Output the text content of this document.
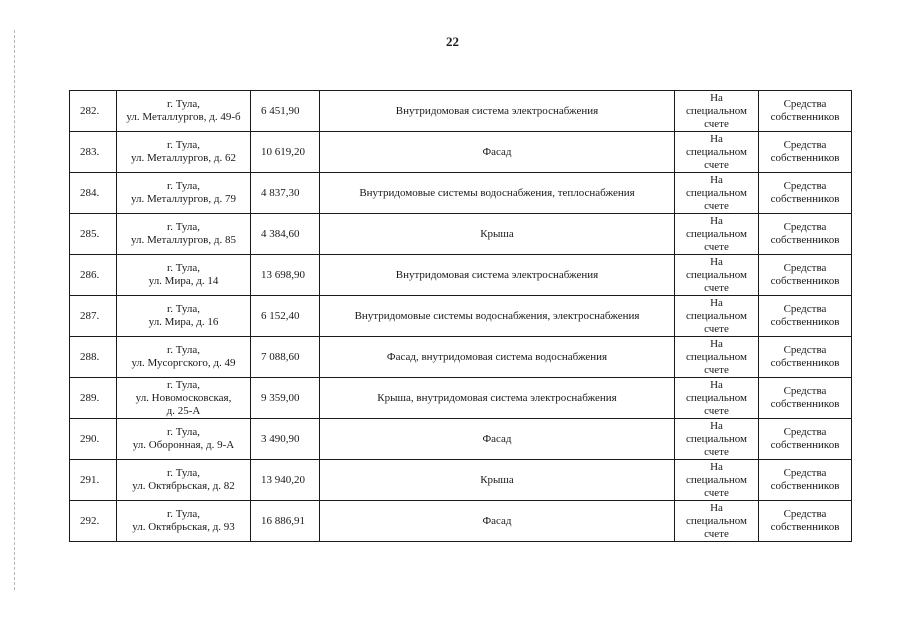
22
282.	г. Тула,
ул. Металлургов, д. 49-б	6 451,90	Внутридомовая система электроснабжения	На
специальном
счете	Средства
собственников

283.	г. Тула,
ул. Металлургов, д. 62	10 619,20	Фасад	На
специальном
счете	Средства
собственников

284.	г. Тула,
ул. Металлургов, д. 79	4 837,30	Внутридомовые системы водоснабжения, теплоснабжения	На
специальном
счете	Средства
собственников

285.	г. Тула,
ул. Металлургов, д. 85	4 384,60	Крыша	На
специальном
счете	Средства
собственников

286.	г. Тула,
ул. Мира, д. 14	13 698,90	Внутридомовая система электроснабжения	На
специальном
счете	Средства
собственников

287.	г. Тула,
ул. Мира, д. 16	6 152,40	Внутридомовые системы водоснабжения, электроснабжения	На
специальном
счете	Средства
собственников

288.	г. Тула,
ул. Мусоргского, д. 49	7 088,60	Фасад, внутридомовая система водоснабжения	На
специальном
счете	Средства
собственников

289.	г. Тула,
ул. Новомосковская,
д. 25-А	9 359,00	Крыша, внутридомовая система электроснабжения	На
специальном
счете	Средства
собственников

290.	г. Тула,
ул. Оборонная, д. 9-А	3 490,90	Фасад	На
специальном
счете	Средства
собственников

291.	г. Тула,
ул. Октябрьская, д. 82	13 940,20	Крыша	На
специальном
счете	Средства
собственников

292.	г. Тула,
ул. Октябрьская, д. 93	16 886,91	Фасад	На
специальном
счете	Средства
собственников
